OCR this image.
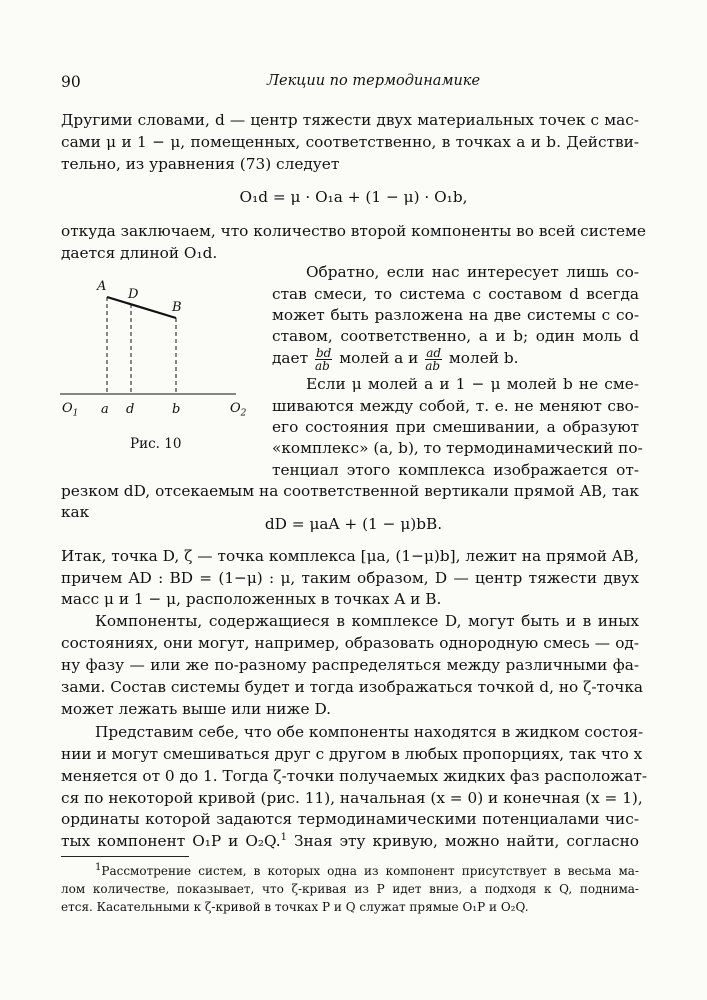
90	Лекции по термодинамике
Другими словами, d — центр тяжести двух материальных точек с мас-
сами μ и 1 − μ, помещенных, соответственно, в точках a и b. Действи-
тельно, из уравнения (73) следует
O₁d = μ · O₁a + (1 − μ) · O₁b,
откуда заключаем, что количество второй компоненты во всей системе
дается длиной O₁d.
A
D
B
$O_1$ a d	b	$O_2$
Рис. 10
Обратно, если нас интересует лишь со-
став смеси, то система с составом d всегда
может быть разложена на две системы с со-
ставом, соответственно, a и b; один моль d
дает $\frac{bd}{ab}$ молей a и $\frac{ad}{ab}$ молей b.
Если μ молей a и 1 − μ молей b не сме-
шиваются между собой, т. е. не меняют сво-
его состояния при смешивании, а образуют
«комплекс» (a, b), то термодинамический по-
тенциал этого комплекса изображается от-
резком dD, отсекаемым на соответственной вертикали прямой AB, так
как
dD = μaA + (1 − μ)bB.
Итак, точка D, ζ — точка комплекса [μa, (1−μ)b], лежит на прямой AB,
причем AD : BD = (1−μ) : μ, таким образом, D — центр тяжести двух
масс μ и 1 − μ, расположенных в точках A и B.
Компоненты, содержащиеся в комплексе D, могут быть и в иных
состояниях, они могут, например, образовать однородную смесь — од-
ну фазу — или же по-разному распределяться между различными фа-
зами. Состав системы будет и тогда изображаться точкой d, но ζ-точка
может лежать выше или ниже D.
Представим себе, что обе компоненты находятся в жидком состоя-
нии и могут смешиваться друг с другом в любых пропорциях, так что x
меняется от 0 до 1. Тогда ζ-точки получаемых жидких фаз расположат-
ся по некоторой кривой (рис. 11), начальная (x = 0) и конечная (x = 1),
ординаты которой задаются термодинамическими потенциалами чис-
тых компонент O₁P и O₂Q.$^1$ Зная эту кривую, можно найти, согласно
$^1$Рассмотрение систем, в которых одна из компонент присутствует в весьма ма-
лом количестве, показывает, что ζ-кривая из P идет вниз, а подходя к Q, поднима-
ется. Касательными к ζ-кривой в точках P и Q служат прямые O₁P и O₂Q.
